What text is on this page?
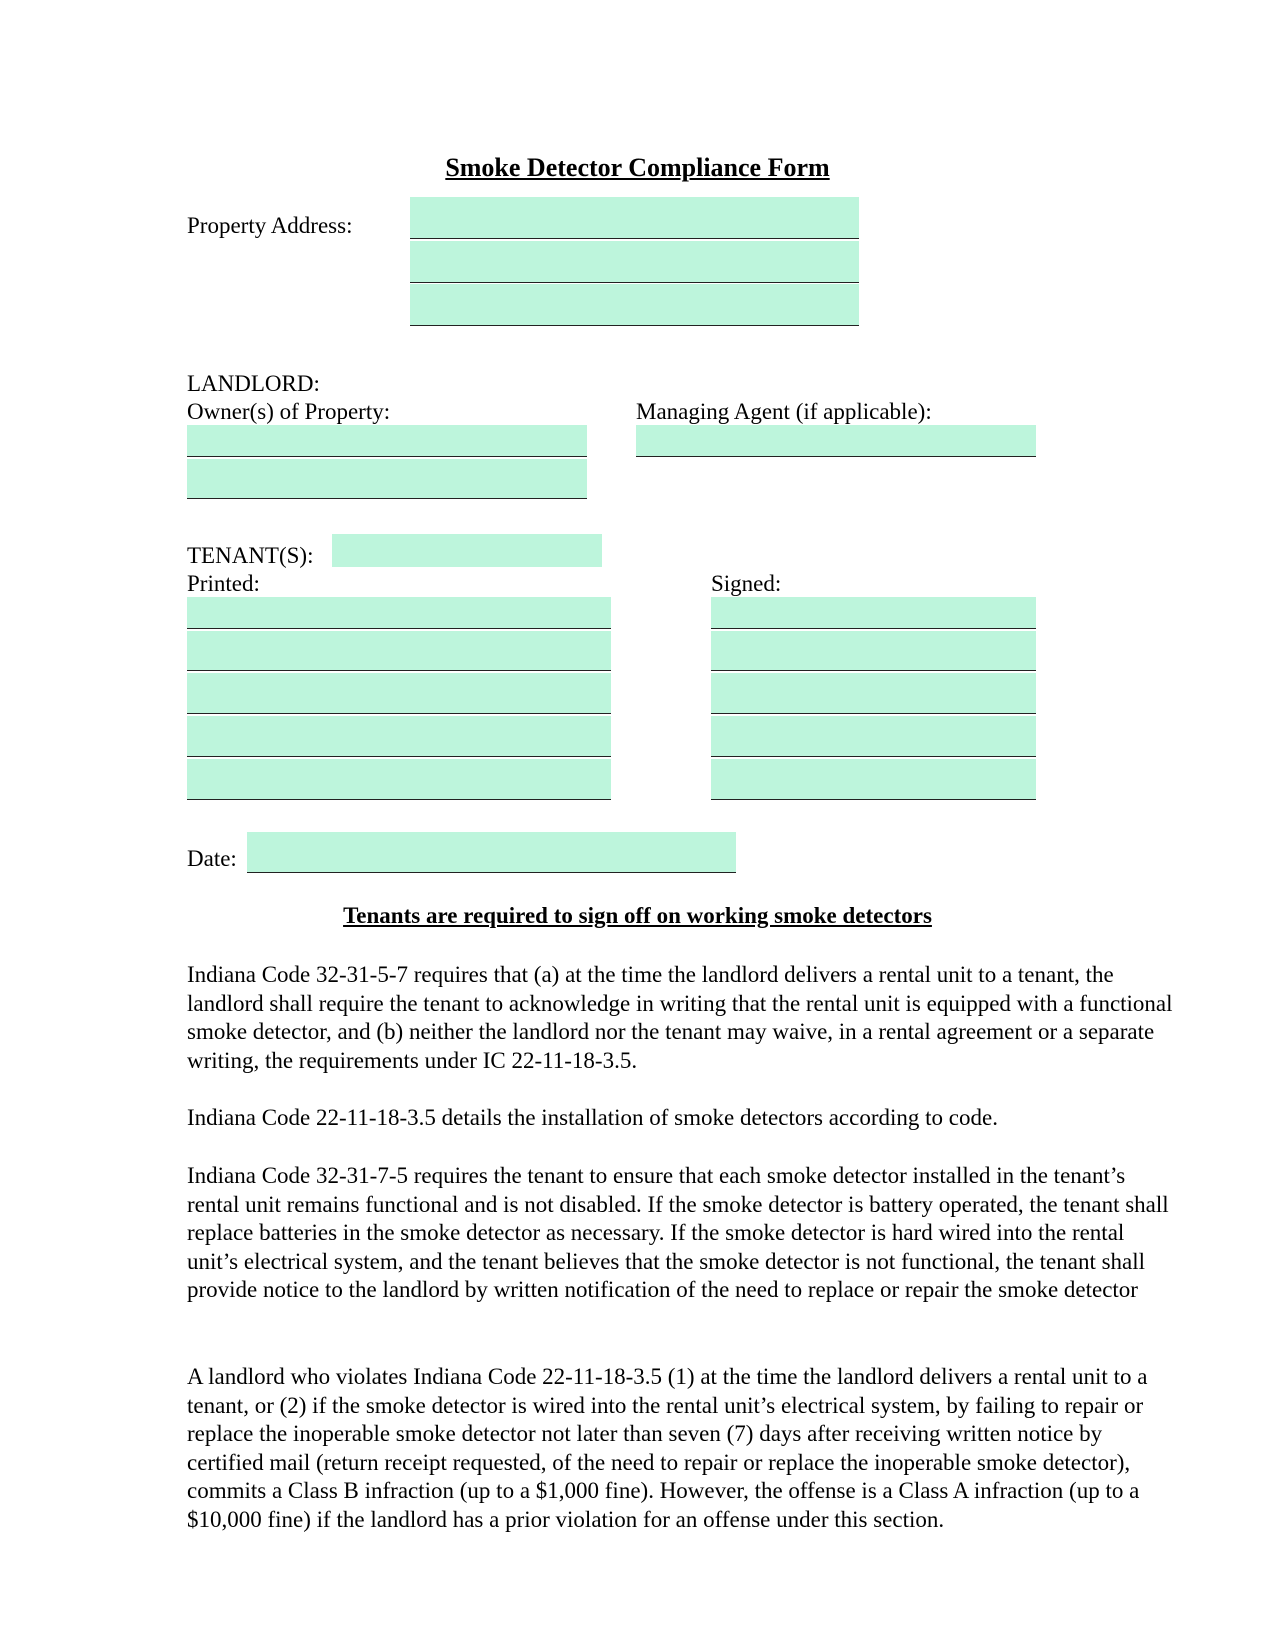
Smoke Detector Compliance Form
Property Address:
LANDLORD:
Owner(s) of Property:	Managing Agent (if applicable):
TENANT(S):
Printed:	Signed:
Date:
Tenants are required to sign off on working smoke detectors

Indiana Code 32-31-5-7 requires that (a) at the time the landlord delivers a rental unit to a tenant, the landlord shall require the tenant to acknowledge in writing that the rental unit is equipped with a functional smoke detector, and (b) neither the landlord nor the tenant may waive, in a rental agreement or a separate writing, the requirements under IC 22-11-18-3.5.

Indiana Code 22-11-18-3.5 details the installation of smoke detectors according to code.

Indiana Code 32-31-7-5 requires the tenant to ensure that each smoke detector installed in the tenant’s rental unit remains functional and is not disabled. If the smoke detector is battery operated, the tenant shall replace batteries in the smoke detector as necessary. If the smoke detector is hard wired into the rental unit’s electrical system, and the tenant believes that the smoke detector is not functional, the tenant shall provide notice to the landlord by written notification of the need to replace or repair the smoke detector

A landlord who violates Indiana Code 22-11-18-3.5 (1) at the time the landlord delivers a rental unit to a tenant, or (2) if the smoke detector is wired into the rental unit’s electrical system, by failing to repair or replace the inoperable smoke detector not later than seven (7) days after receiving written notice by certified mail (return receipt requested, of the need to repair or replace the inoperable smoke detector), commits a Class B infraction (up to a $1,000 fine). However, the offense is a Class A infraction (up to a $10,000 fine) if the landlord has a prior violation for an offense under this section.
